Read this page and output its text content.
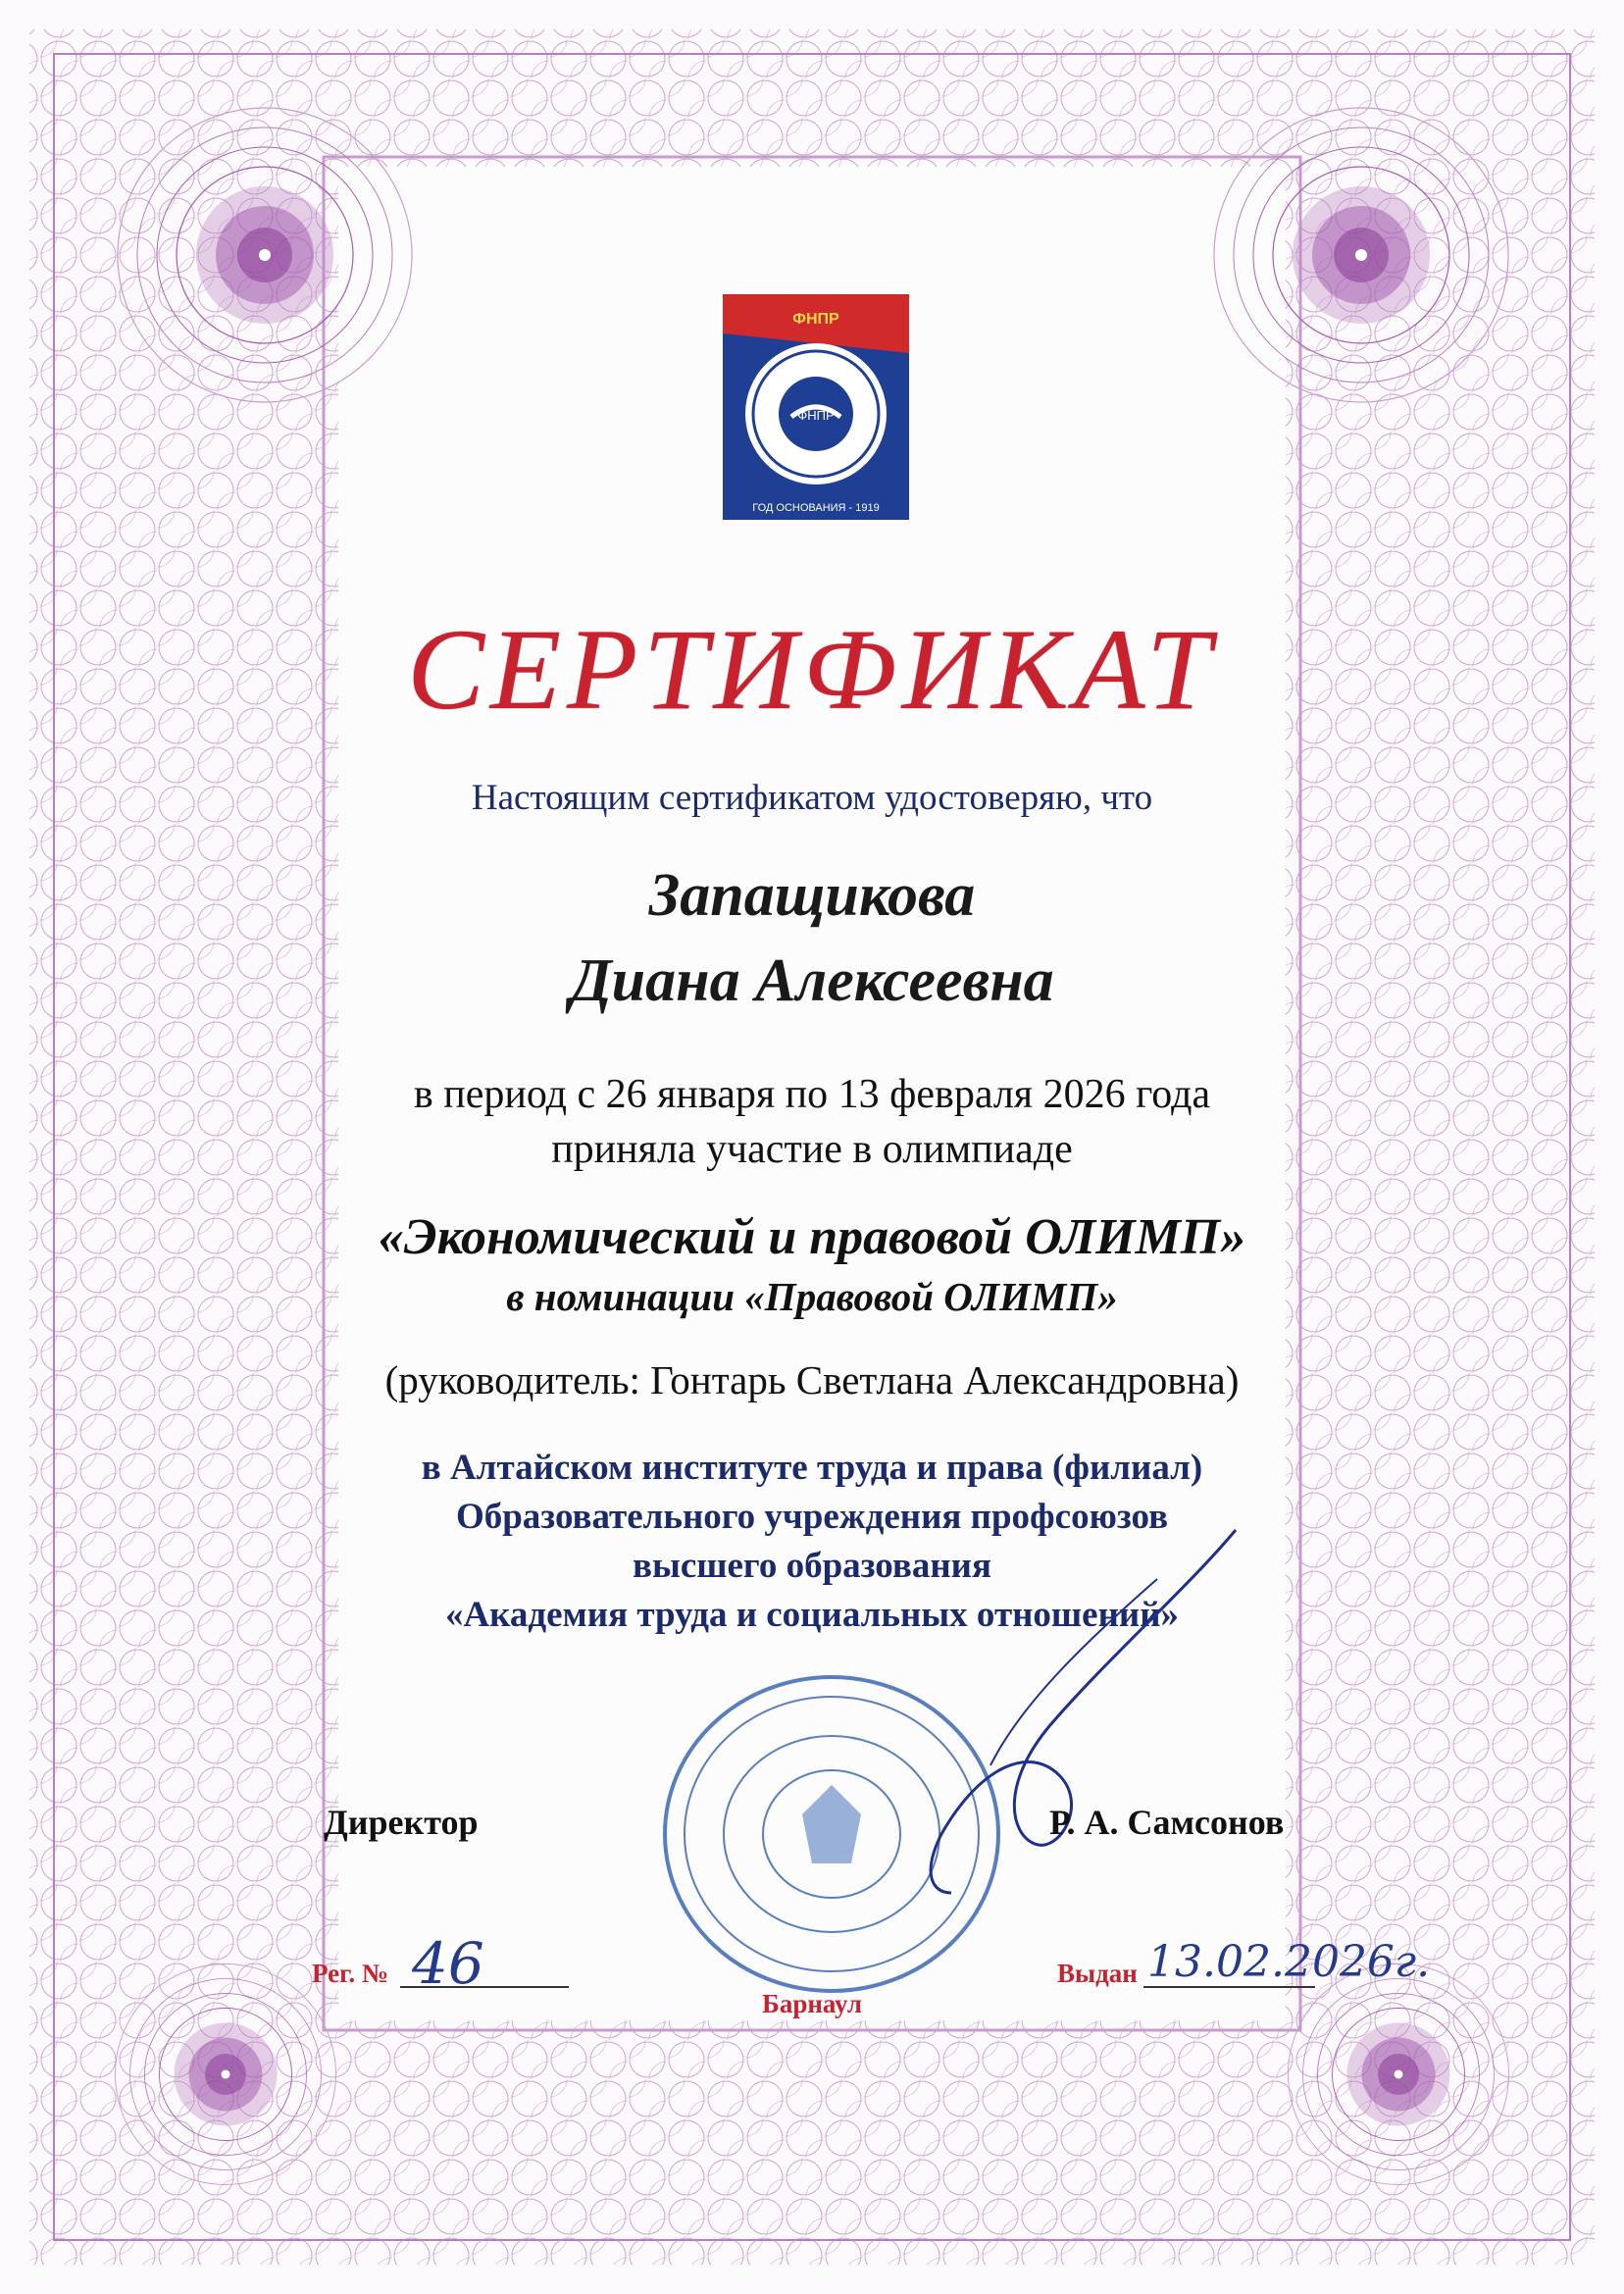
ФНПР
ФНПР
ГОД ОСНОВАНИЯ - 1919
СЕРТИФИКАТ
Настоящим сертификатом удостоверяю, что
Запащикова
Диана Алексеевна
в период с 26 января по 13 февраля 2026 года
приняла участие в олимпиаде
«Экономический и правовой ОЛИМП»
в номинации «Правовой ОЛИМП»
(руководитель: Гонтарь Светлана Александровна)
в Алтайском институте труда и права (филиал)
Образовательного учреждения профсоюзов
высшего образования
«Академия труда и социальных отношений»
Директор	Р. А. Самсонов
Рег. № 46	Выдан 13.02.2026г.
Барнаул
